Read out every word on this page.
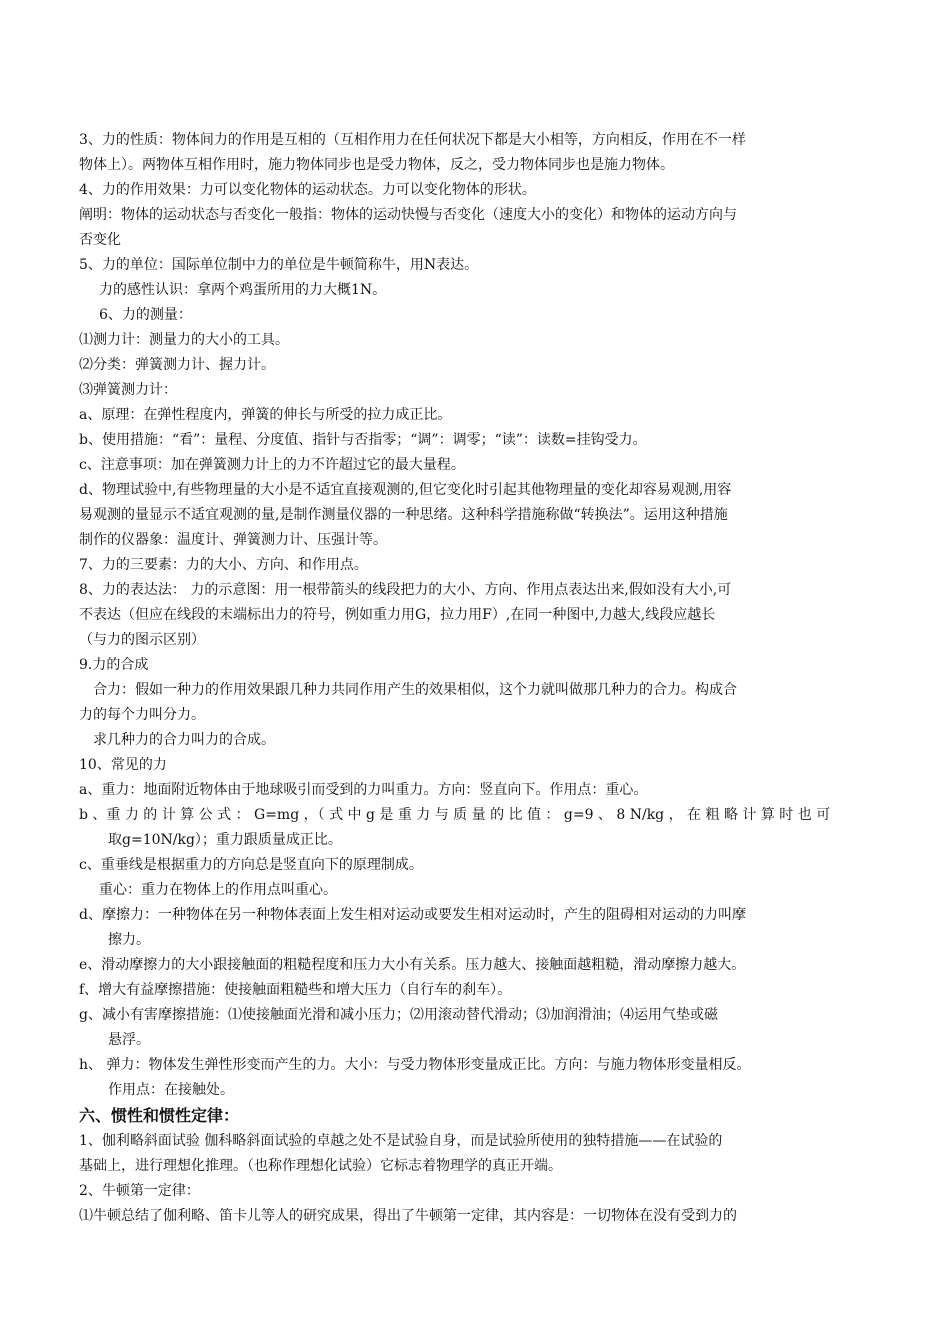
3、力的性质：物体间力的作用是互相的（互相作用力在任何状况下都是大小相等，方向相反，作用在不一样
物体上）。两物体互相作用时，施力物体同步也是受力物体，反之，受力物体同步也是施力物体。
4、力的作用效果：力可以变化物体的运动状态。力可以变化物体的形状。
阐明：物体的运动状态与否变化一般指：物体的运动快慢与否变化（速度大小的变化）和物体的运动方向与
否变化
5、力的单位：国际单位制中力的单位是牛顿简称牛，用N表达。
力的感性认识：拿两个鸡蛋所用的力大概1N。
6、力的测量：
⑴测力计：测量力的大小的工具。
⑵分类：弹簧测力计、握力计。
⑶弹簧测力计：
a、原理：在弹性程度内，弹簧的伸长与所受的拉力成正比。
b、使用措施：“看”：量程、分度值、指针与否指零；“调”：调零；“读”：读数=挂钩受力。
c、注意事项：加在弹簧测力计上的力不许超过它的最大量程。
d、物理试验中,有些物理量的大小是不适宜直接观测的,但它变化时引起其他物理量的变化却容易观测,用容
易观测的量显示不适宜观测的量,是制作测量仪器的一种思绪。这种科学措施称做“转换法”。运用这种措施
制作的仪器象：温度计、弹簧测力计、压强计等。
7、力的三要素：力的大小、方向、和作用点。
8、力的表达法： 力的示意图：用一根带箭头的线段把力的大小、方向、作用点表达出来,假如没有大小,可
不表达（但应在线段的末端标出力的符号，例如重力用G，拉力用F）,在同一种图中,力越大,线段应越长
（与力的图示区别）
9.力的合成
合力：假如一种力的作用效果跟几种力共同作用产生的效果相似，这个力就叫做那几种力的合力。构成合
力的每个力叫分力。
求几种力的合力叫力的合成。
10、常见的力
a、重力：地面附近物体由于地球吸引而受到的力叫重力。方向：竖直向下。作用点：重心。
b 、重 力 的 计 算 公 式 ： G=mg ，（ 式 中 g 是 重 力 与 质 量 的 比 值 ： g=9 、 8 N/kg ， 在 粗 略 计 算 时 也 可
取g=10N/kg）；重力跟质量成正比。
c、重垂线是根据重力的方向总是竖直向下的原理制成。
重心：重力在物体上的作用点叫重心。
d、摩擦力：一种物体在另一种物体表面上发生相对运动或要发生相对运动时，产生的阻碍相对运动的力叫摩
擦力。
e、滑动摩擦力的大小跟接触面的粗糙程度和压力大小有关系。压力越大、接触面越粗糙，滑动摩擦力越大。
f、增大有益摩擦措施：使接触面粗糙些和增大压力（自行车的刹车）。
g、减小有害摩擦措施：⑴使接触面光滑和减小压力；⑵用滚动替代滑动；⑶加润滑油；⑷运用气垫或磁
悬浮。
h、 弹力：物体发生弹性形变而产生的力。大小：与受力物体形变量成正比。方向：与施力物体形变量相反。
作用点：在接触处。
六、惯性和惯性定律：
1、伽利略斜面试验 伽科略斜面试验的卓越之处不是试验自身，而是试验所使用的独特措施——在试验的
基础上，进行理想化推理。（也称作理想化试验）它标志着物理学的真正开端。
2、牛顿第一定律：
⑴牛顿总结了伽利略、笛卡儿等人的研究成果，得出了牛顿第一定律，其内容是：一切物体在没有受到力的
